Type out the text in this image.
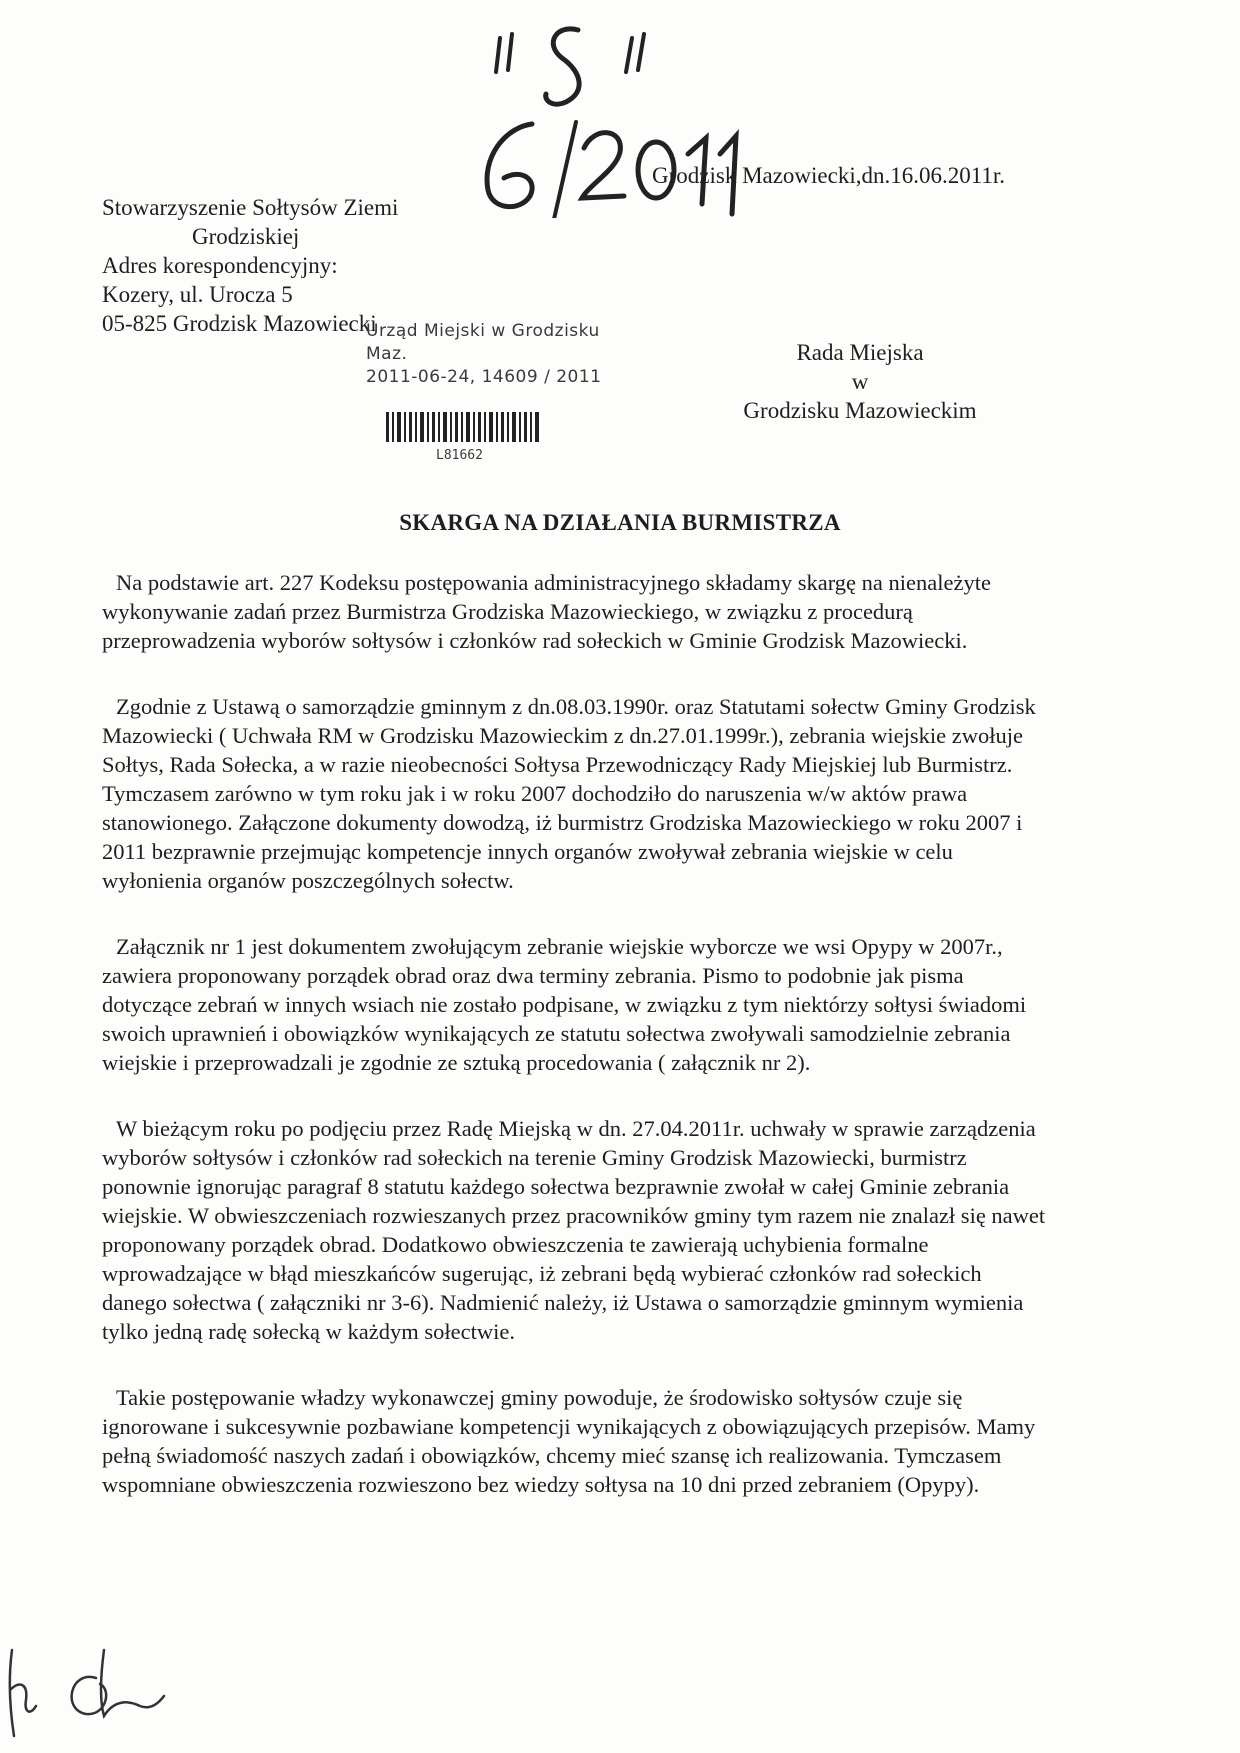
Stowarzyszenie Sołtysów Ziemi
Grodziskiej
Adres korespondencyjny:
Kozery, ul. Urocza 5
05-825 Grodzisk Mazowiecki
Grodzisk Mazowiecki,dn.16.06.2011r.
Urząd Miejski w Grodzisku
Maz.
2011-06-24, 14609 / 2011
L81662
Rada Miejska
w
Grodzisku Mazowieckim
SKARGA NA DZIAŁANIA BURMISTRZA

Na podstawie art. 227 Kodeksu postępowania administracyjnego składamy skargę na nienależyte wykonywanie zadań przez Burmistrza Grodziska Mazowieckiego, w związku z procedurą przeprowadzenia wyborów sołtysów i członków rad sołeckich w Gminie Grodzisk Mazowiecki.

Zgodnie z Ustawą o samorządzie gminnym z dn.08.03.1990r. oraz Statutami sołectw Gminy Grodzisk Mazowiecki ( Uchwała RM w Grodzisku Mazowieckim z dn.27.01.1999r.), zebrania wiejskie zwołuje Sołtys, Rada Sołecka, a w razie nieobecności Sołtysa Przewodniczący Rady Miejskiej lub Burmistrz. Tymczasem zarówno w tym roku jak i w roku 2007 dochodziło do naruszenia w/w aktów prawa stanowionego. Załączone dokumenty dowodzą, iż burmistrz Grodziska Mazowieckiego w roku 2007 i 2011 bezprawnie przejmując kompetencje innych organów zwoływał zebrania wiejskie w celu wyłonienia organów poszczególnych sołectw.

Załącznik nr 1 jest dokumentem zwołującym zebranie wiejskie wyborcze we wsi Opypy w 2007r., zawiera proponowany porządek obrad oraz dwa terminy zebrania. Pismo to podobnie jak pisma dotyczące zebrań w innych wsiach nie zostało podpisane, w związku z tym niektórzy sołtysi świadomi swoich uprawnień i obowiązków wynikających ze statutu sołectwa zwoływali samodzielnie zebrania wiejskie i przeprowadzali je zgodnie ze sztuką procedowania ( załącznik nr 2).

W bieżącym roku po podjęciu przez Radę Miejską w dn. 27.04.2011r. uchwały w sprawie zarządzenia wyborów sołtysów i członków rad sołeckich na terenie Gminy Grodzisk Mazowiecki, burmistrz ponownie ignorując paragraf 8 statutu każdego sołectwa bezprawnie zwołał w całej Gminie zebrania wiejskie. W obwieszczeniach rozwieszanych przez pracowników gminy tym razem nie znalazł się nawet proponowany porządek obrad. Dodatkowo obwieszczenia te zawierają uchybienia formalne wprowadzające w błąd mieszkańców sugerując, iż zebrani będą wybierać członków rad sołeckich danego sołectwa ( załączniki nr 3-6). Nadmienić należy, iż Ustawa o samorządzie gminnym wymienia tylko jedną radę sołecką w każdym sołectwie.

Takie postępowanie władzy wykonawczej gminy powoduje, że środowisko sołtysów czuje się ignorowane i sukcesywnie pozbawiane kompetencji wynikających z obowiązujących przepisów. Mamy pełną świadomość naszych zadań i obowiązków, chcemy mieć szansę ich realizowania. Tymczasem wspomniane obwieszczenia rozwieszono bez wiedzy sołtysa na 10 dni przed zebraniem (Opypy).
